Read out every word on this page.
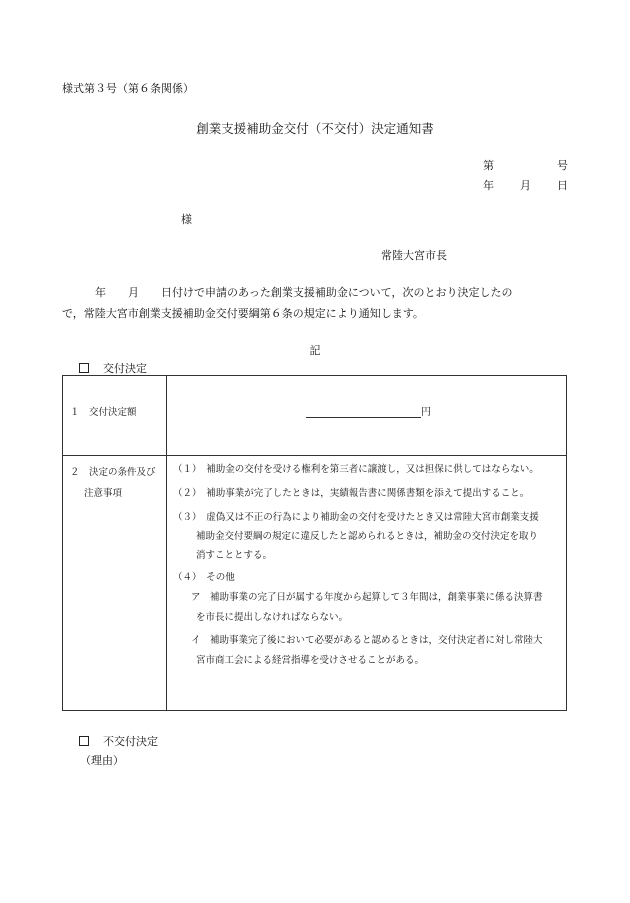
様式第３号（第６条関係）
創業支援補助金交付（不交付）決定通知書
第	号
年 月 日
様
常陸大宮市長
　　　年　　月　　日付けで申請のあった創業支援補助金について，次のとおり決定したの
で，常陸大宮市創業支援補助金交付要綱第６条の規定により通知します。
記
交付決定
１　交付決定額	円
２　決定の条件及び
注意事項
（１）　補助金の交付を受ける権利を第三者に譲渡し，又は担保に供してはならない。
（２）　補助事業が完了したときは，実績報告書に関係書類を添えて提出すること。
（３）　虚偽又は不正の行為により補助金の交付を受けたとき又は常陸大宮市創業支援
補助金交付要綱の規定に違反したと認められるときは，補助金の交付決定を取り
消すこととする。
（４）　その他
ア　補助事業の完了日が属する年度から起算して３年間は，創業事業に係る決算書
を市長に提出しなければならない。
イ　補助事業完了後において必要があると認めるときは，交付決定者に対し常陸大
宮市商工会による経営指導を受けさせることがある。
不交付決定
（理由）
